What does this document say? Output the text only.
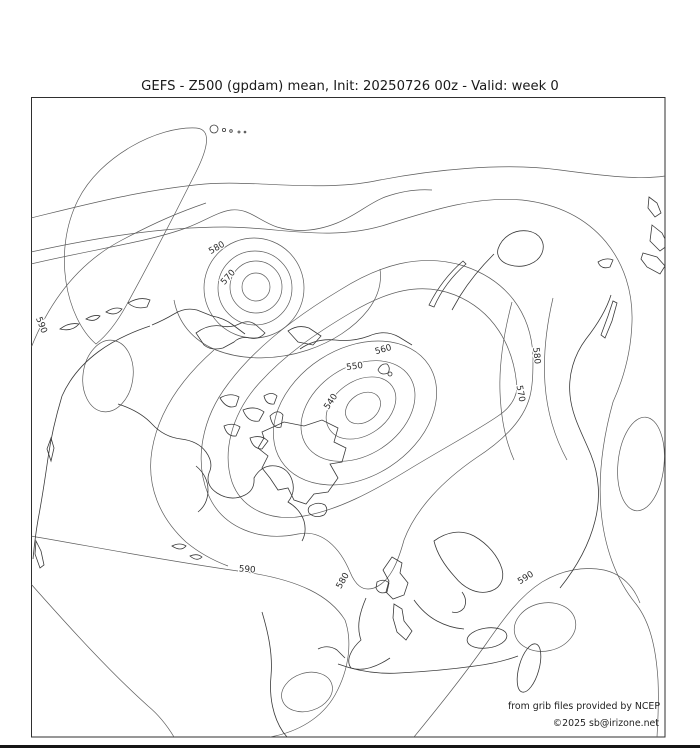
GEFS - Z500 (gpdam) mean, Init: 20250726 00z - Valid: week 0
580
570
590
560
550
540
580
570
590
580	590
from grib files provided by NCEP
©2025 sb@irizone.net
